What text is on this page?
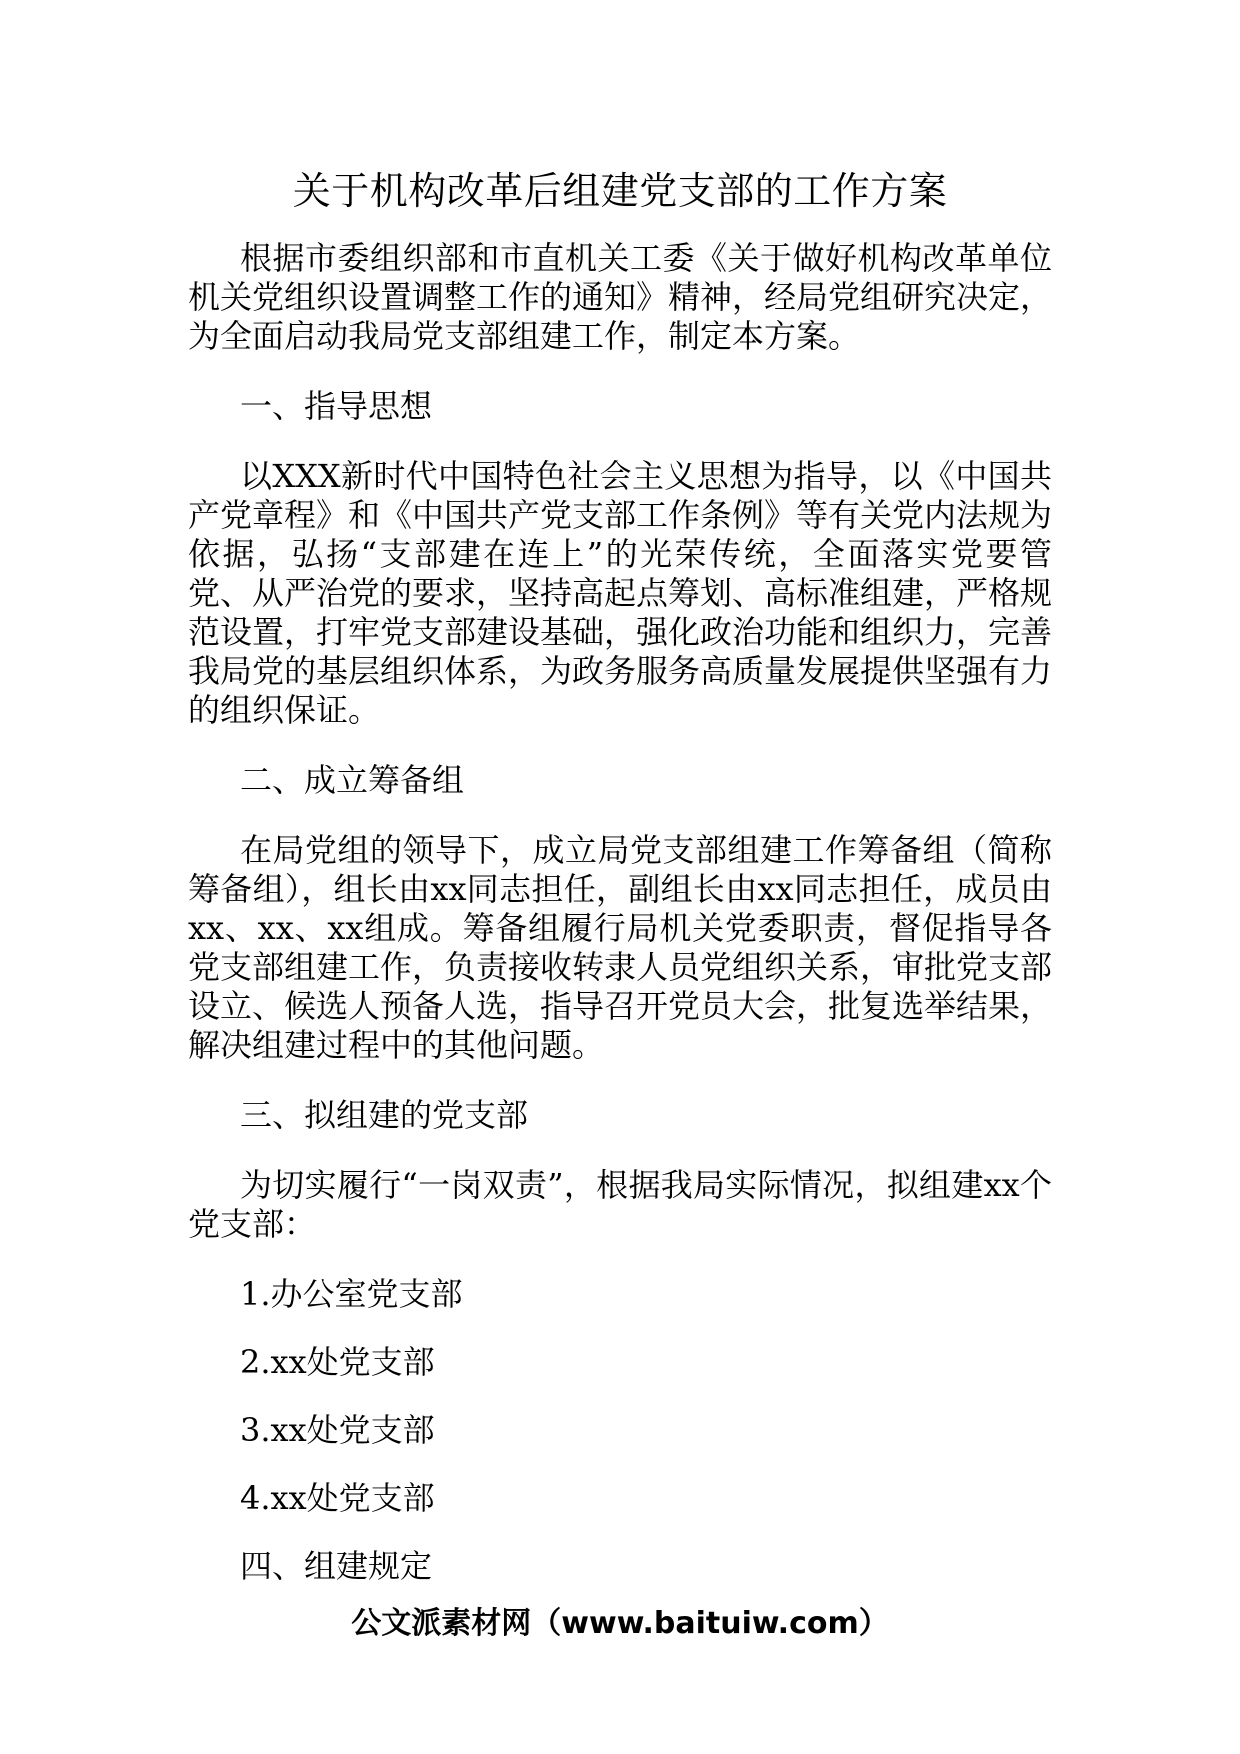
关于机构改革后组建党支部的工作方案

根据市委组织部和市直机关工委《关于做好机构改革单位机关党组织设置调整工作的通知》精神，经局党组研究决定，为全面启动我局党支部组建工作，制定本方案。

一、指导思想

以XXX新时代中国特色社会主义思想为指导，以《中国共产党章程》和《中国共产党支部工作条例》等有关党内法规为依据，弘扬“支部建在连上”的光荣传统，全面落实党要管党、从严治党的要求，坚持高起点筹划、高标准组建，严格规范设置，打牢党支部建设基础，强化政治功能和组织力，完善我局党的基层组织体系，为政务服务高质量发展提供坚强有力的组织保证。

二、成立筹备组

在局党组的领导下，成立局党支部组建工作筹备组（简称筹备组），组长由xx同志担任，副组长由xx同志担任，成员由xx、xx、xx组成。筹备组履行局机关党委职责，督促指导各党支部组建工作，负责接收转隶人员党组织关系，审批党支部设立、候选人预备人选，指导召开党员大会，批复选举结果，解决组建过程中的其他问题。

三、拟组建的党支部

为切实履行“一岗双责”，根据我局实际情况，拟组建xx个党支部：

1.办公室党支部

2.xx处党支部

3.xx处党支部

4.xx处党支部

四、组建规定

公文派素材网（www.baituiw.com）
